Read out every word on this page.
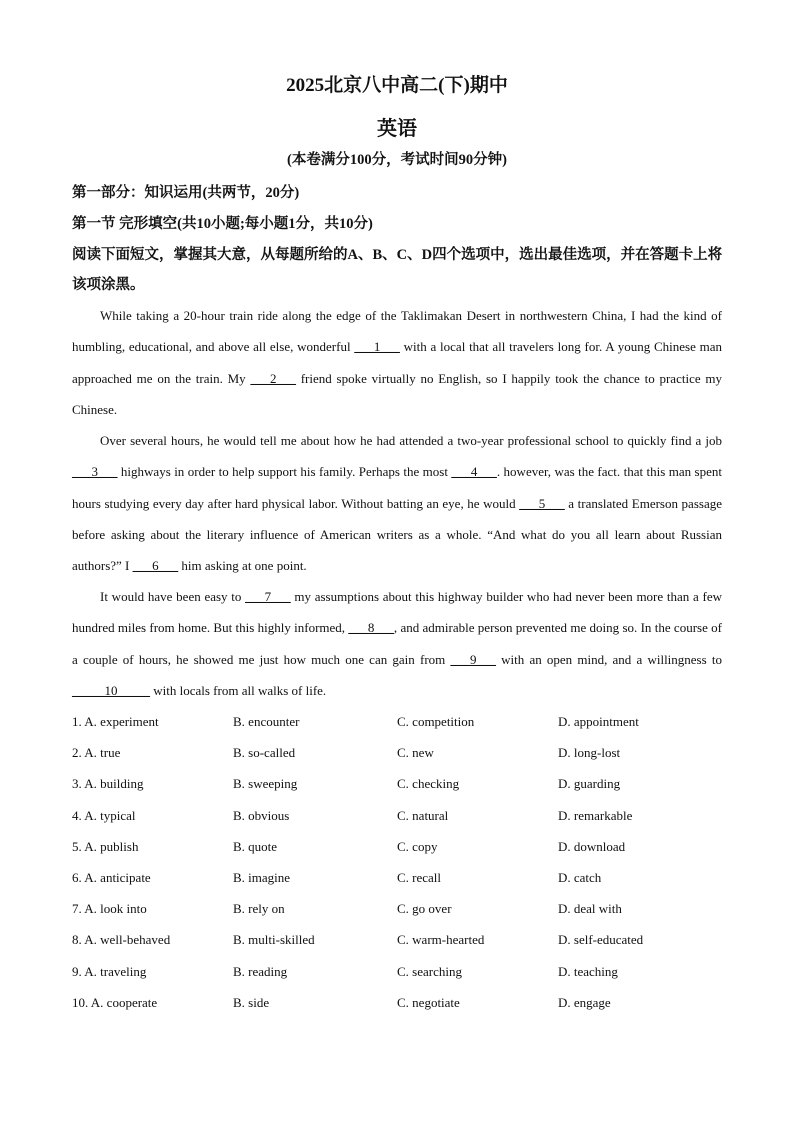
2025北京八中高二(下)期中
英语
(本卷满分100分，考试时间90分钟)
第一部分：知识运用(共两节，20分)
第一节 完形填空(共10小题;每小题1分，共10分)
阅读下面短文，掌握其大意，从每题所给的A、B、C、D四个选项中，选出最佳选项，并在答题卡上将该项涂黑。
While taking a 20-hour train ride along the edge of the Taklimakan Desert in northwestern China, I had the kind of humbling, educational, and above all else, wonderful ___1___ with a local that all travelers long for. A young Chinese man approached me on the train. My ___2___ friend spoke virtually no English, so I happily took the chance to practice my Chinese.
Over several hours, he would tell me about how he had attended a two-year professional school to quickly find a job ___3___ highways in order to help support his family. Perhaps the most ___4___. however, was the fact. that this man spent hours studying every day after hard physical labor. Without batting an eye, he would ___5___ a translated Emerson passage before asking about the literary influence of American writers as a whole. “And what do you all learn about Russian authors?” I ___6___ him asking at one point.
It would have been easy to ___7___ my assumptions about this highway builder who had never been more than a few hundred miles from home. But this highly informed, ___8___, and admirable person prevented me doing so. In the course of a couple of hours, he showed me just how much one can gain from ___9___ with an open mind, and a willingness to _____10_____ with locals from all walks of life.
1. A. experiment	B. encounter	C. competition	D. appointment
2. A. true	B. so-called	C. new	D. long-lost
3. A. building	B. sweeping	C. checking	D. guarding
4. A. typical	B. obvious	C. natural	D. remarkable
5. A. publish	B. quote	C. copy	D. download
6. A. anticipate	B. imagine	C. recall	D. catch
7. A. look into	B. rely on	C. go over	D. deal with
8. A. well-behaved	B. multi-skilled	C. warm-hearted	D. self-educated
9. A. traveling	B. reading	C. searching	D. teaching
10. A. cooperate	B. side	C. negotiate	D. engage
